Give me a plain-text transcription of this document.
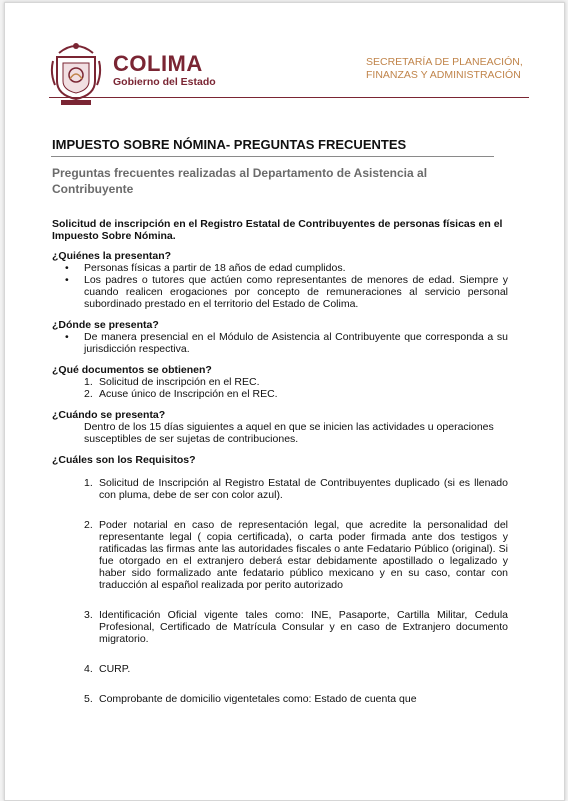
COLIMA
Gobierno del Estado
SECRETARÍA DE PLANEACIÓN,
FINANZAS Y ADMINISTRACIÓN
IMPUESTO SOBRE NÓMINA- PREGUNTAS FRECUENTES
Preguntas frecuentes realizadas al Departamento de Asistencia al Contribuyente

Solicitud de inscripción en el Registro Estatal de Contribuyentes de personas físicas en el Impuesto Sobre Nómina.

¿Quiénes la presentan?

• Personas físicas a partir de 18 años de edad cumplidos.
• Los padres o tutores que actúen como representantes de menores de edad. Siempre y cuando realicen erogaciones por concepto de remuneraciones al servicio personal subordinado prestado en el territorio del Estado de Colima.

¿Dónde se presenta?

• De manera presencial en el Módulo de Asistencia al Contribuyente que corresponda a su jurisdicción respectiva.

¿Qué documentos se obtienen?

1. Solicitud de inscripción en el REC.
2. Acuse único de Inscripción en el REC.

¿Cuándo se presenta?

Dentro de los 15 días siguientes a aquel en que se inicien las actividades u operaciones susceptibles de ser sujetas de contribuciones.

¿Cuáles son los Requisitos?

1. Solicitud de Inscripción al Registro Estatal de Contribuyentes duplicado (si es llenado con pluma, debe de ser con color azul).
2. Poder notarial en caso de representación legal, que acredite la personalidad del representante legal ( copia certificada), o carta poder firmada ante dos testigos y ratificadas las firmas ante las autoridades fiscales o ante Fedatario Público (original). Si fue otorgado en el extranjero deberá estar debidamente apostillado o legalizado y haber sido formalizado ante fedatario público mexicano y en su caso, contar con traducción al español realizada por perito autorizado
3. Identificación Oficial vigente tales como: INE, Pasaporte, Cartilla Militar, Cedula Profesional, Certificado de Matrícula Consular y en caso de Extranjero documento migratorio.
4. CURP.
5. Comprobante de domicilio vigentetales como: Estado de cuenta que
